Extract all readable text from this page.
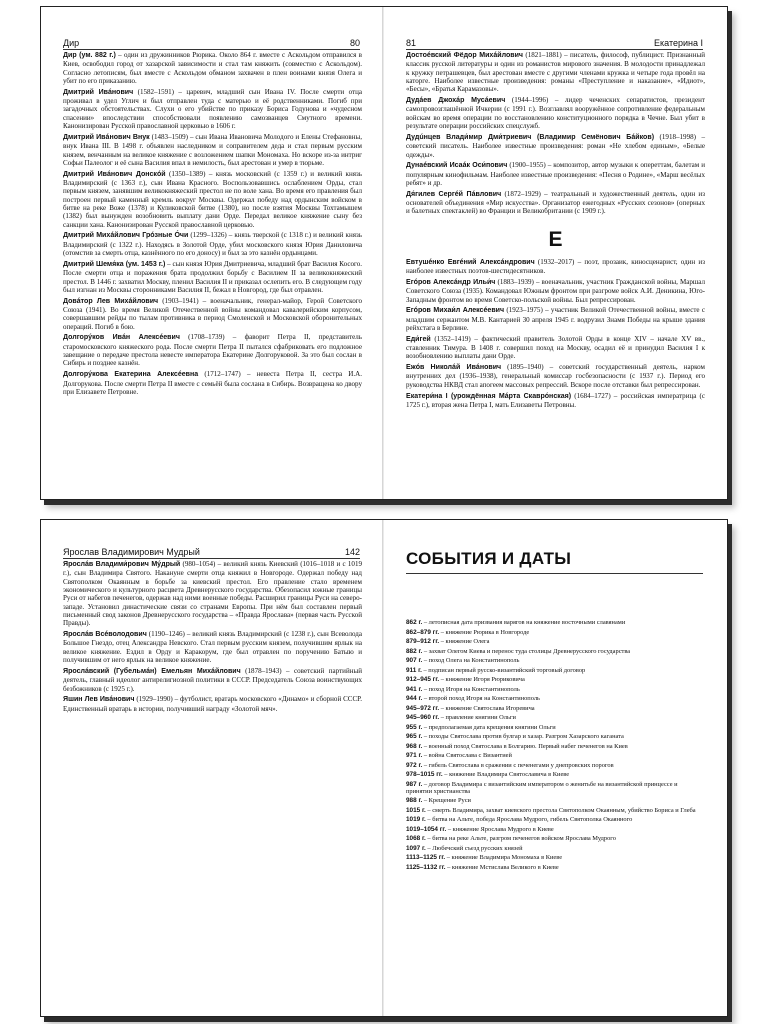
Дир	80
Дир (ум. 882 г.) – один из дружинников Рюрика. Около 864 г. вместе с Аскольдом отправился в Киев, освободил город от хазарской зависимости и стал там княжить (совместно с Аскольдом). Согласно летописям, был вместе с Аскольдом обманом захвачен в плен воинами князя Олега и убит по его приказанию.
Дмитрий Ивáнович (1582–1591) – царевич, младший сын Ивана IV. После смерти отца проживал в удел Углич и был отправлен туда с матерью и её родственниками. Погиб при загадочных обстоятельствах. Слухи о его убийстве по приказу Бориса Годунова и «чудесном спасении» впоследствии способствовали появлению самозванцев Смутного времени. Канонизирован Русской православной церковью в 1606 г.
Дмитрий Ивáнович Внук (1483–1509) – сын Ивана Ивановича Молодого и Елены Стефановны, внук Ивана III. В 1498 г. объявлен наследником и соправителем деда и стал первым русским князем, венчанным на великое княжение с возложением шапки Мономаха. Но вскоре из-за интриг Софьи Палеолог и её сына Василия впал в немилость, был арестован и умер в тюрьме.
Дмитрий Ивáнович Донскóй (1350–1389) – князь московский (с 1359 г.) и великий князь Владимирский (с 1363 г.), сын Ивана Красного. Воспользовавшись ослаблением Орды, стал первым князем, занявшим великокняжеский престол не по воле хана. Во время его правления был построен первый каменный кремль вокруг Москвы. Одержал победу над ордынским войском в битве на реке Воже (1378) и Куликовской битве (1380), но после взятия Москвы Тохтамышем (1382) был вынужден возобновить выплату дани Орде. Передал великое княжение сыну без санкции хана. Канонизирован Русской православной церковью.
Дмитрий Михáйлович Грóзные Óчи (1299–1326) – князь тверской (с 1318 г.) и великий князь Владимирский (с 1322 г.). Находясь в Золотой Орде, убил московского князя Юрия Даниловича (отомстив за смерть отца, казнённого по его доносу) и был за это казнён ордынцами.
Дмитрий Шемя́ка (ум. 1453 г.) – сын князя Юрия Дмитриевича, младший брат Василия Косого. После смерти отца и поражения брата продолжил борьбу с Василием II за великокняжеский престол. В 1446 г. захватил Москву, пленил Василия II и приказал ослепить его. В следующем году был изгнан из Москвы сторонниками Василия II, бежал в Новгород, где был отравлен.
Довáтор Лев Михáйлович (1903–1941) – военачальник, генерал-майор, Герой Советского Союза (1941). Во время Великой Отечественной войны командовал кавалерийским корпусом, совершавшим рейды по тылам противника в период Смоленской и Московской оборонительных операций. Погиб в бою.
Долгорýков Ивáн Алексéевич (1708–1739) – фаворит Петра II, представитель старомосковского княжеского рода. После смерти Петра II пытался сфабриковать его подложное завещание о передаче престола невесте императора Екатерине Долгоруковой. За это был сослан в Сибирь и позднее казнён.
Долгорýкова Екатерина Алексéевна (1712–1747) – невеста Петра II, сестра И.А. Долгорукова. После смерти Петра II вместе с семьёй была сослана в Сибирь. Возвращена ко двору при Елизавете Петровне.
81	Екатерина I
Достоéвский Фёдор Михáйлович (1821–1881) – писатель, философ, публицист. Признанный классик русской литературы и один из романистов мирового значения. В молодости принадлежал к кружку петрашевцев, был арестован вместе с другими членами кружка и четыре года провёл на каторге. Наиболее известные произведения: романы «Преступление и наказание», «Идиот», «Бесы», «Братья Карамазовы».
Дудáев Джохáр Мусáевич (1944–1996) – лидер чеченских сепаратистов, президент самопровозглашённой Ичкерии (с 1991 г.). Возглавлял вооружённое сопротивление федеральным войскам во время операции по восстановлению конституционного порядка в Чечне. Был убит в результате операции российских спецслужб.
Дудúнцев Влади́мир Дми́триевич (Владимир Семёнович Бáйков) (1918–1998) – советский писатель. Наиболее известные произведения: роман «Не хлебом единым», «Белые одежды».
Дунаéвский Исаáк Оси́пович (1900–1955) – композитор, автор музыки к опереттам, балетам и популярным кинофильмам. Наиболее известные произведения: «Песня о Родине», «Марш весёлых ребят» и др.
Дя́гилев Сергéй Пáвлович (1872–1929) – театральный и художественный деятель, один из основателей объединения «Мир искусства». Организатор ежегодных «Русских сезонов» (оперных и балетных спектаклей) во Франции и Великобритании (с 1909 г.).
Е
Евтушéнко Евгéний Алексáндрович (1932–2017) – поэт, прозаик, киносценарист, один из наиболее известных поэтов-шестидесятников.
Егóров Алексáндр Ильи́ч (1883–1939) – военачальник, участник Гражданской войны, Маршал Советского Союза (1935). Командовал Южным фронтом при разгроме войск А.И. Деникина, Юго-Западным фронтом во время Советско-польской войны. Был репрессирован.
Егóров Михаи́л Алексéевич (1923–1975) – участник Великой Отечественной войны, вместе с младшим сержантом М.В. Кантарией 30 апреля 1945 г. водрузил Знамя Победы на крыше здания рейхстага в Берлине.
Еди́гей (1352–1419) – фактический правитель Золотой Орды в конце XIV – начале XV вв., ставленник Тимура. В 1408 г. совершил поход на Москву, осадил её и принудил Василия I к возобновлению выплаты дани Орде.
Ежóв Николáй Ивáнович (1895–1940) – советский государственный деятель, нарком внутренних дел (1936–1938), генеральный комиссар госбезопасности (с 1937 г.). Период его руководства НКВД стал апогеем массовых репрессий. Вскоре после отставки был репрессирован.
Екатери́на I (урождённая Мáрта Скавро́нская) (1684–1727) – российская императрица (с 1725 г.), вторая жена Петра I, мать Елизаветы Петровны.
Ярослав Владимирович Мудрый	142
Ярослáв Владими́рович Мýдрый (980–1054) – великий князь Киевский (1016–1018 и с 1019 г.), сын Владимира Святого. Накануне смерти отца княжил в Новгороде. Одержал победу над Святополком Окаянным в борьбе за киевский престол. Его правление стало временем экономического и культурного расцвета Древнерусского государства. Обезопасил южные границы Руси от набегов печенегов, одержав над ними военные победы. Расширил границы Руси на северо-западе. Установил династические связи со странами Европы. При нём был составлен первый письменный свод законов Древнерусского государства – «Правда Ярослава» (первая часть Русской Правды).
Ярослáв Всéволодович (1190–1246) – великий князь Владимирский (с 1238 г.), сын Всеволода Большое Гнездо, отец Александра Невского. Стал первым русским князем, получившим ярлык на великое княжение. Ездил в Орду и Каракорум, где был отравлен по поручению Батыю и получившим от него ярлык на великое княжение.
Ярослáвский (Губельмáн) Емельян Михáйлович (1878–1943) – советский партийный деятель, главный идеолог антирелигиозной политики в СССР. Председатель Союза воинствующих безбожников (с 1925 г.).
Яшин Лев Ивáнович (1929–1990) – футболист, вратарь московского «Динамо» и сборной СССР. Единственный вратарь в истории, получивший награду «Золотой мяч».
СОБЫТИЯ И ДАТЫ
862 г. – летописная дата призвания варягов на княжение восточными славянами
862–879 гг. – княжение Рюрика в Новгороде
879–912 гг. – княжение Олега
882 г. – захват Олегом Киева и перенос туда столицы Древнерусского государства
907 г. – поход Олега на Константинополь
911 г. – подписан первый русско-византийский торговый договор
912–945 гг. – княжение Игоря Рюриковича
941 г. – поход Игоря на Константинополь
944 г. – второй поход Игоря на Константинополь
945–972 гг. – княжение Святослава Игоревича
945–960 гг. – правление княгини Ольги
955 г. – предполагаемая дата крещения княгини Ольги
965 г. – походы Святослава против булгар и хазар. Разгром Хазарского каганата
968 г. – военный поход Святослава в Болгарию. Первый набег печенегов на Киев
971 г. – война Святослава с Византией
972 г. – гибель Святослава в сражении с печенегами у днепровских порогов
978–1015 гг. – княжение Владимира Святославича в Киеве
987 г. – договор Владимира с византийским императором о женитьбе на византийской принцессе и принятии христианства
988 г. – Крещение Руси
1015 г. – смерть Владимира, захват киевского престола Святополком Окаянным, убийство Бориса и Глеба
1019 г. – битва на Альте, победа Ярослава Мудрого, гибель Святополка Окаянного
1019–1054 гг. – княжение Ярослава Мудрого в Киеве
1068 г. – битва на реке Альте, разгром печенегов войском Ярослава Мудрого
1097 г. – Любечский съезд русских князей
1113–1125 гг. – княжение Владимира Мономаха в Киеве
1125–1132 гг. – княжение Мстислава Великого в Киеве
